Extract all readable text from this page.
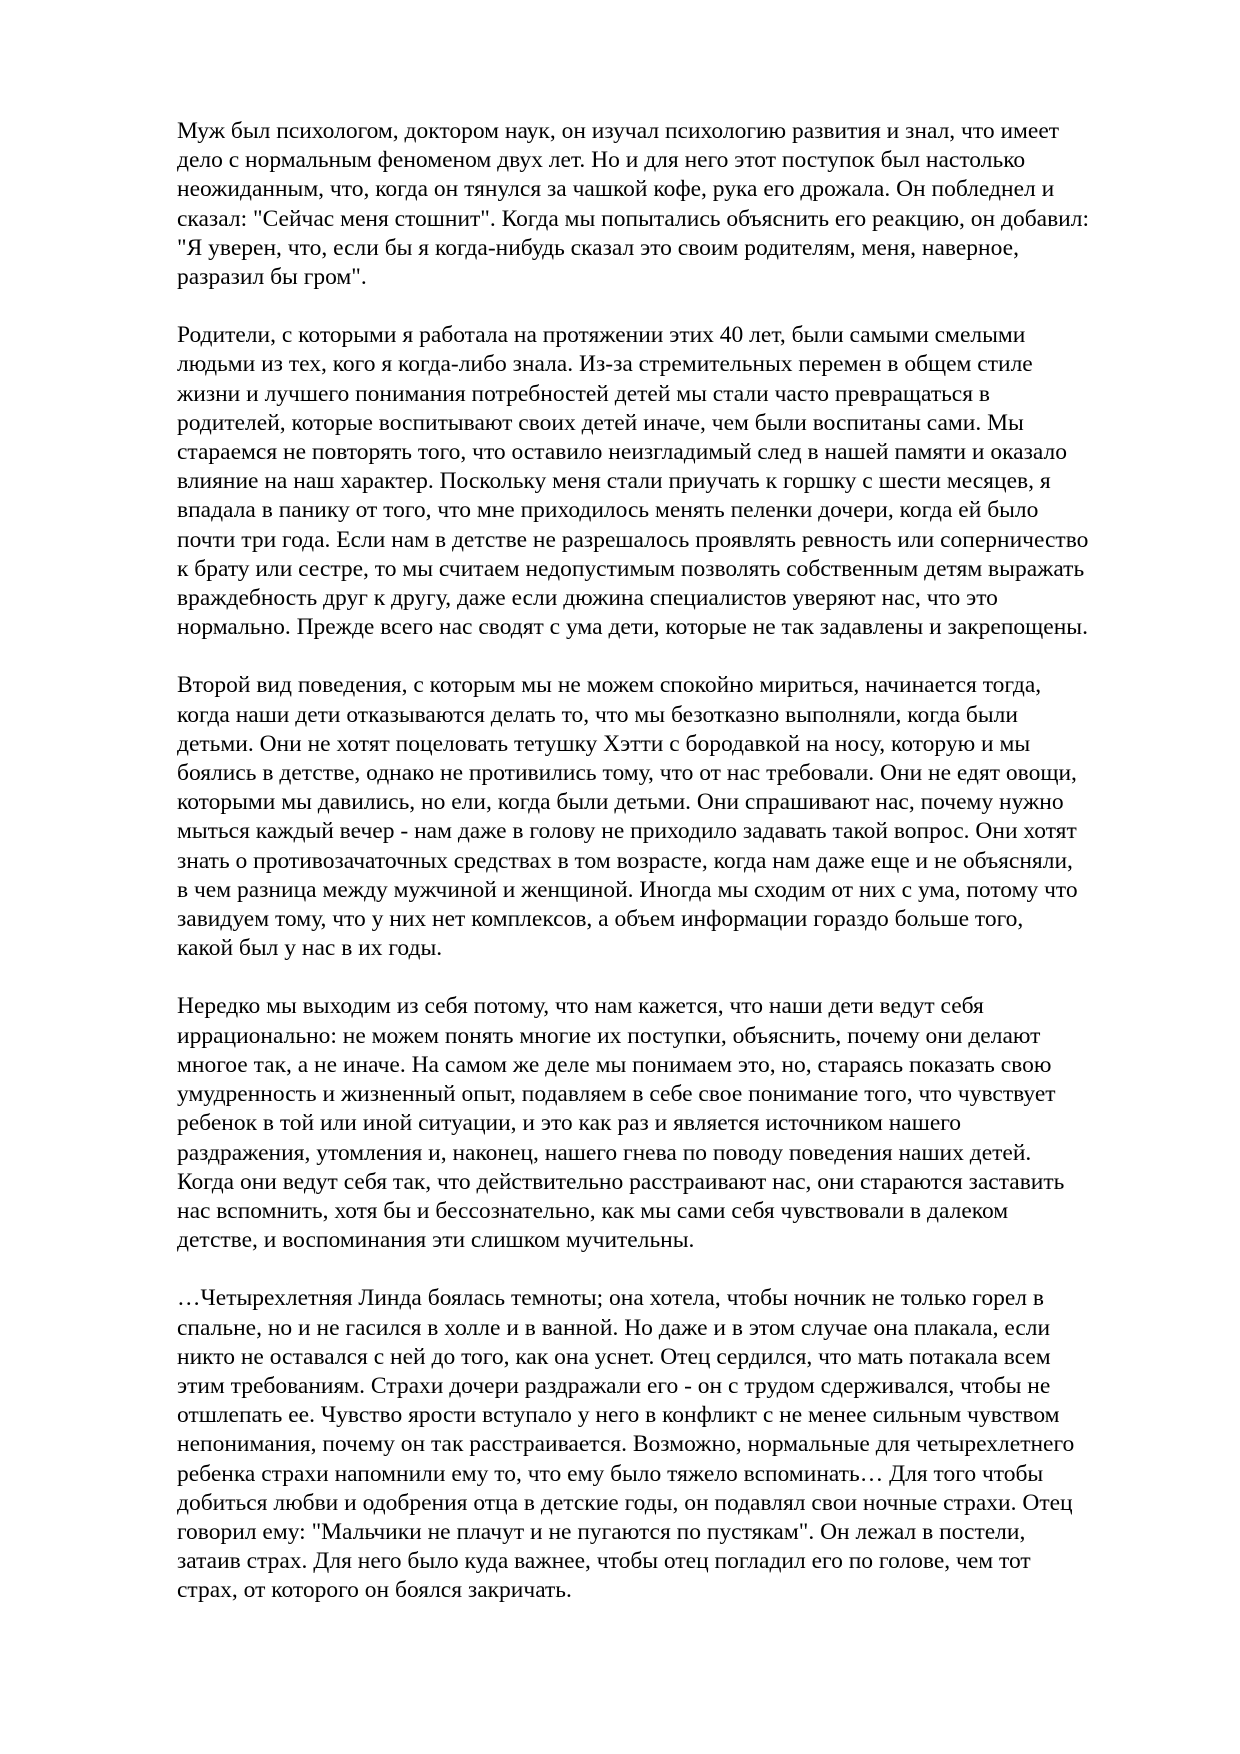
Муж был психологом, доктором наук, он изучал психологию развития и знал, что имеет
дело с нормальным феноменом двух лет. Но и для него этот поступок был настолько
неожиданным, что, когда он тянулся за чашкой кофе, рука его дрожала. Он побледнел и
сказал: "Сейчас меня стошнит". Когда мы попытались объяснить его реакцию, он добавил:
"Я уверен, что, если бы я когда-нибудь сказал это своим родителям, меня, наверное,
разразил бы гром".

Родители, с которыми я работала на протяжении этих 40 лет, были самыми смелыми
людьми из тех, кого я когда-либо знала. Из-за стремительных перемен в общем стиле
жизни и лучшего понимания потребностей детей мы стали часто превращаться в
родителей, которые воспитывают своих детей иначе, чем были воспитаны сами. Мы
стараемся не повторять того, что оставило неизгладимый след в нашей памяти и оказало
влияние на наш характер. Поскольку меня стали приучать к горшку с шести месяцев, я
впадала в панику от того, что мне приходилось менять пеленки дочери, когда ей было
почти три года. Если нам в детстве не разрешалось проявлять ревность или соперничество
к брату или сестре, то мы считаем недопустимым позволять собственным детям выражать
враждебность друг к другу, даже если дюжина специалистов уверяют нас, что это
нормально. Прежде всего нас сводят с ума дети, которые не так задавлены и закрепощены.

Второй вид поведения, с которым мы не можем спокойно мириться, начинается тогда,
когда наши дети отказываются делать то, что мы безотказно выполняли, когда были
детьми. Они не хотят поцеловать тетушку Хэтти с бородавкой на носу, которую и мы
боялись в детстве, однако не противились тому, что от нас требовали. Они не едят овощи,
которыми мы давились, но ели, когда были детьми. Они спрашивают нас, почему нужно
мыться каждый вечер - нам даже в голову не приходило задавать такой вопрос. Они хотят
знать о противозачаточных средствах в том возрасте, когда нам даже еще и не объясняли,
в чем разница между мужчиной и женщиной. Иногда мы сходим от них с ума, потому что
завидуем тому, что у них нет комплексов, а объем информации гораздо больше того,
какой был у нас в их годы.

Нередко мы выходим из себя потому, что нам кажется, что наши дети ведут себя
иррационально: не можем понять многие их поступки, объяснить, почему они делают
многое так, а не иначе. На самом же деле мы понимаем это, но, стараясь показать свою
умудренность и жизненный опыт, подавляем в себе свое понимание того, что чувствует
ребенок в той или иной ситуации, и это как раз и является источником нашего
раздражения, утомления и, наконец, нашего гнева по поводу поведения наших детей.
Когда они ведут себя так, что действительно расстраивают нас, они стараются заставить
нас вспомнить, хотя бы и бессознательно, как мы сами себя чувствовали в далеком
детстве, и воспоминания эти слишком мучительны.

…Четырехлетняя Линда боялась темноты; она хотела, чтобы ночник не только горел в
спальне, но и не гасился в холле и в ванной. Но даже и в этом случае она плакала, если
никто не оставался с ней до того, как она уснет. Отец сердился, что мать потакала всем
этим требованиям. Страхи дочери раздражали его - он с трудом сдерживался, чтобы не
отшлепать ее. Чувство ярости вступало у него в конфликт с не менее сильным чувством
непонимания, почему он так расстраивается. Возможно, нормальные для четырехлетнего
ребенка страхи напомнили ему то, что ему было тяжело вспоминать… Для того чтобы
добиться любви и одобрения отца в детские годы, он подавлял свои ночные страхи. Отец
говорил ему: "Мальчики не плачут и не пугаются по пустякам". Он лежал в постели,
затаив страх. Для него было куда важнее, чтобы отец погладил его по голове, чем тот
страх, от которого он боялся закричать.
